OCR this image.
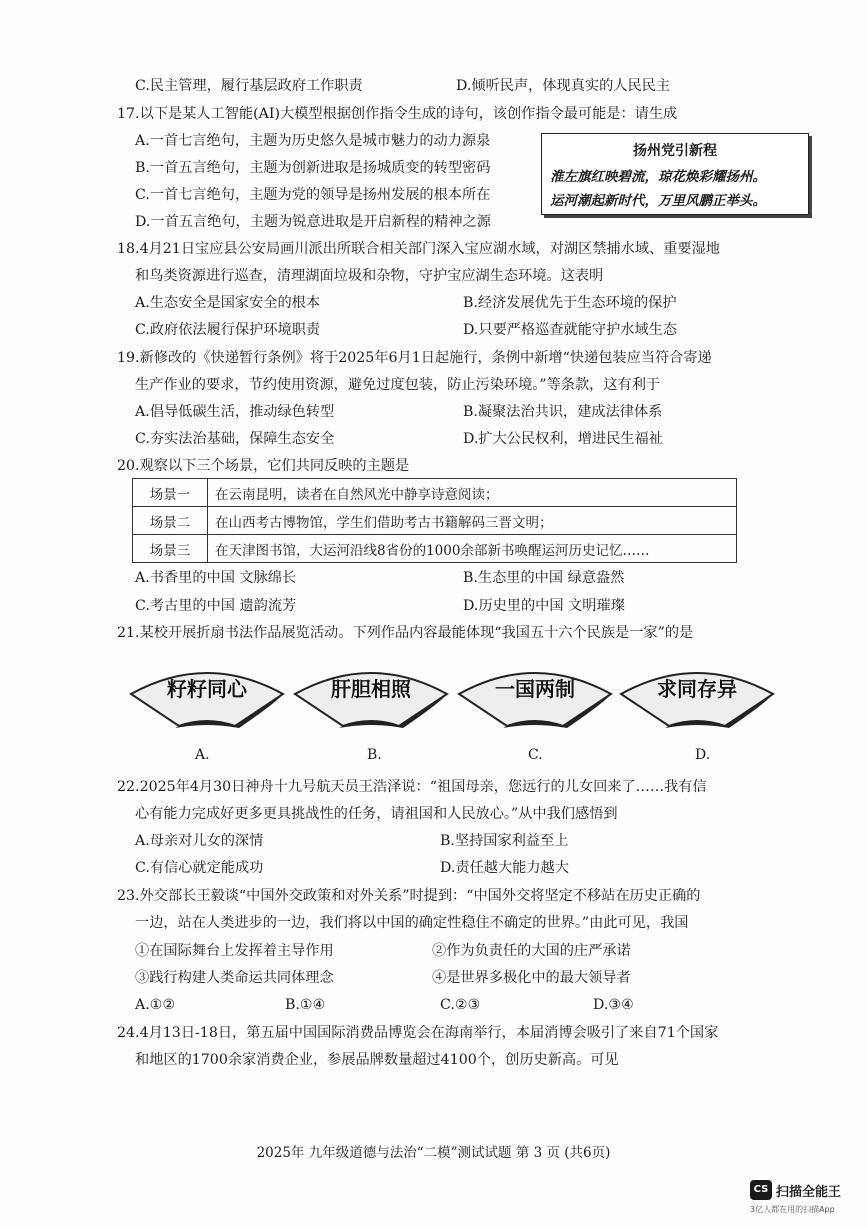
C.民主管理，履行基层政府工作职责	D.倾听民声，体现真实的人民民主
17.以下是某人工智能(AI)大模型根据创作指令生成的诗句，该创作指令最可能是：请生成
A.一首七言绝句，主题为历史悠久是城市魅力的动力源泉
B.一首五言绝句，主题为创新进取是扬城质变的转型密码
C.一首七言绝句，主题为党的领导是扬州发展的根本所在
D.一首五言绝句，主题为锐意进取是开启新程的精神之源
扬州党引新程
淮左旗红映碧流，琼花焕彩耀扬州。
运河潮起新时代，万里风鹏正举头。
18.4月21日宝应县公安局画川派出所联合相关部门深入宝应湖水域，对湖区禁捕水域、重要湿地
和鸟类资源进行巡查，清理湖面垃圾和杂物，守护宝应湖生态环境。这表明
A.生态安全是国家安全的根本	B.经济发展优先于生态环境的保护
C.政府依法履行保护环境职责	D.只要严格巡查就能守护水域生态
19.新修改的《快递暂行条例》将于2025年6月1日起施行，条例中新增“快递包装应当符合寄递
生产作业的要求，节约使用资源，避免过度包装，防止污染环境。”等条款，这有利于
A.倡导低碳生活，推动绿色转型	B.凝聚法治共识，建成法律体系
C.夯实法治基础，保障生态安全	D.扩大公民权利，增进民生福祉
20.观察以下三个场景，它们共同反映的主题是
场景一	在云南昆明，读者在自然风光中静享诗意阅读；
场景二	在山西考古博物馆，学生们借助考古书籍解码三晋文明；
场景三	在天津图书馆，大运河沿线8省份的1000余部新书唤醒运河历史记忆……
A.书香里的中国 文脉绵长	B.生态里的中国 绿意盎然
C.考古里的中国 遗韵流芳	D.历史里的中国 文明璀璨
21.某校开展折扇书法作品展览活动。下列作品内容最能体现“我国五十六个民族是一家”的是
籽籽同心	肝胆相照	一国两制	求同存异
A.	B.	C.	D.
22.2025年4月30日神舟十九号航天员王浩泽说：“祖国母亲，您远行的儿女回来了……我有信
心有能力完成好更多更具挑战性的任务，请祖国和人民放心。”从中我们感悟到
A.母亲对儿女的深情	B.坚持国家利益至上
C.有信心就定能成功	D.责任越大能力越大
23.外交部长王毅谈“中国外交政策和对外关系”时提到：“中国外交将坚定不移站在历史正确的
一边，站在人类进步的一边，我们将以中国的确定性稳住不确定的世界。”由此可见，我国
①在国际舞台上发挥着主导作用	②作为负责任的大国的庄严承诺
③践行构建人类命运共同体理念	④是世界多极化中的最大领导者
A.①②	B.①④	C.②③	D.③④
24.4月13日-18日，第五届中国国际消费品博览会在海南举行，本届消博会吸引了来自71个国家
和地区的1700余家消费企业，参展品牌数量超过4100个，创历史新高。可见
2025年 九年级道德与法治“二模”测试试题 第 3 页 (共6页)
CS 扫描全能王
3亿人都在用的扫描App
